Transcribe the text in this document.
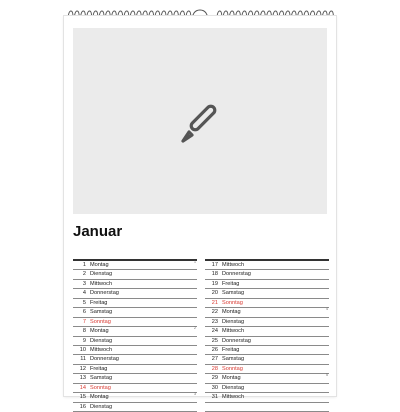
Januar
1 Montag	1
2 Dienstag
3 Mittwoch
4 Donnerstag
5 Freitag
6 Samstag
7 Sonntag
8 Montag	2
9 Dienstag
10 Mittwoch
11 Donnerstag
12 Freitag
13 Samstag
14 Sonntag
15 Montag	3
16 Dienstag
17 Mittwoch
18 Donnerstag
19 Freitag
20 Samstag
21 Sonntag
22 Montag	4
23 Dienstag
24 Mittwoch
25 Donnerstag
26 Freitag
27 Samstag
28 Sonntag
29 Montag	5
30 Dienstag
31 Mittwoch
